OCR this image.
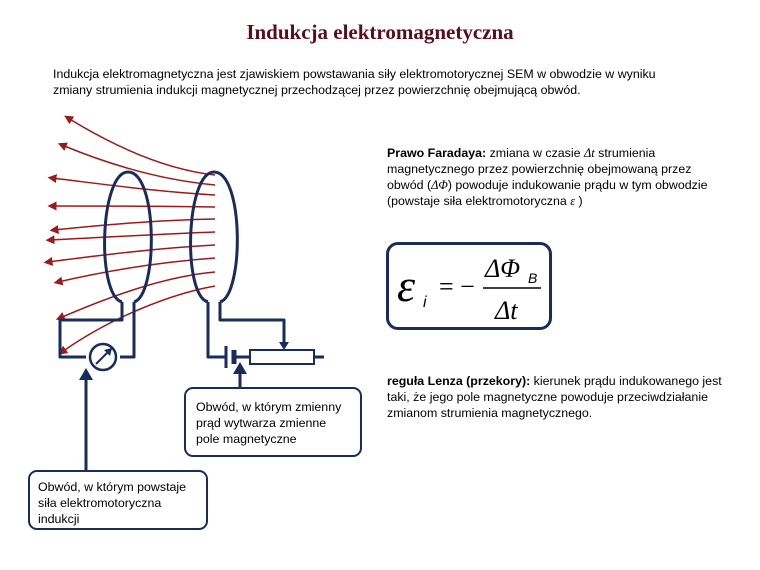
Indukcja elektromagnetyczna
Indukcja elektromagnetyczna jest zjawiskiem powstawania siły elektromotorycznej SEM w obwodzie w wyniku
zmiany strumienia indukcji magnetycznej przechodzącej przez powierzchnię obejmującą obwód.
Prawo Faradaya: zmiana w czasie Δt strumienia magnetycznego przez powierzchnię obejmowaną przez obwód (ΔΦ) powoduje indukowanie prądu w tym obwodzie (powstaje siła elektromotoryczna ε )
ε i
= −
ΔΦ B
Δt
reguła Lenza (przekory): kierunek prądu indukowanego jest taki, że jego pole magnetyczne powoduje przeciwdziałanie zmianom strumienia magnetycznego.
Obwód, w którym zmienny prąd wytwarza zmienne pole magnetyczne
Obwód, w którym powstaje siła elektromotoryczna indukcji
